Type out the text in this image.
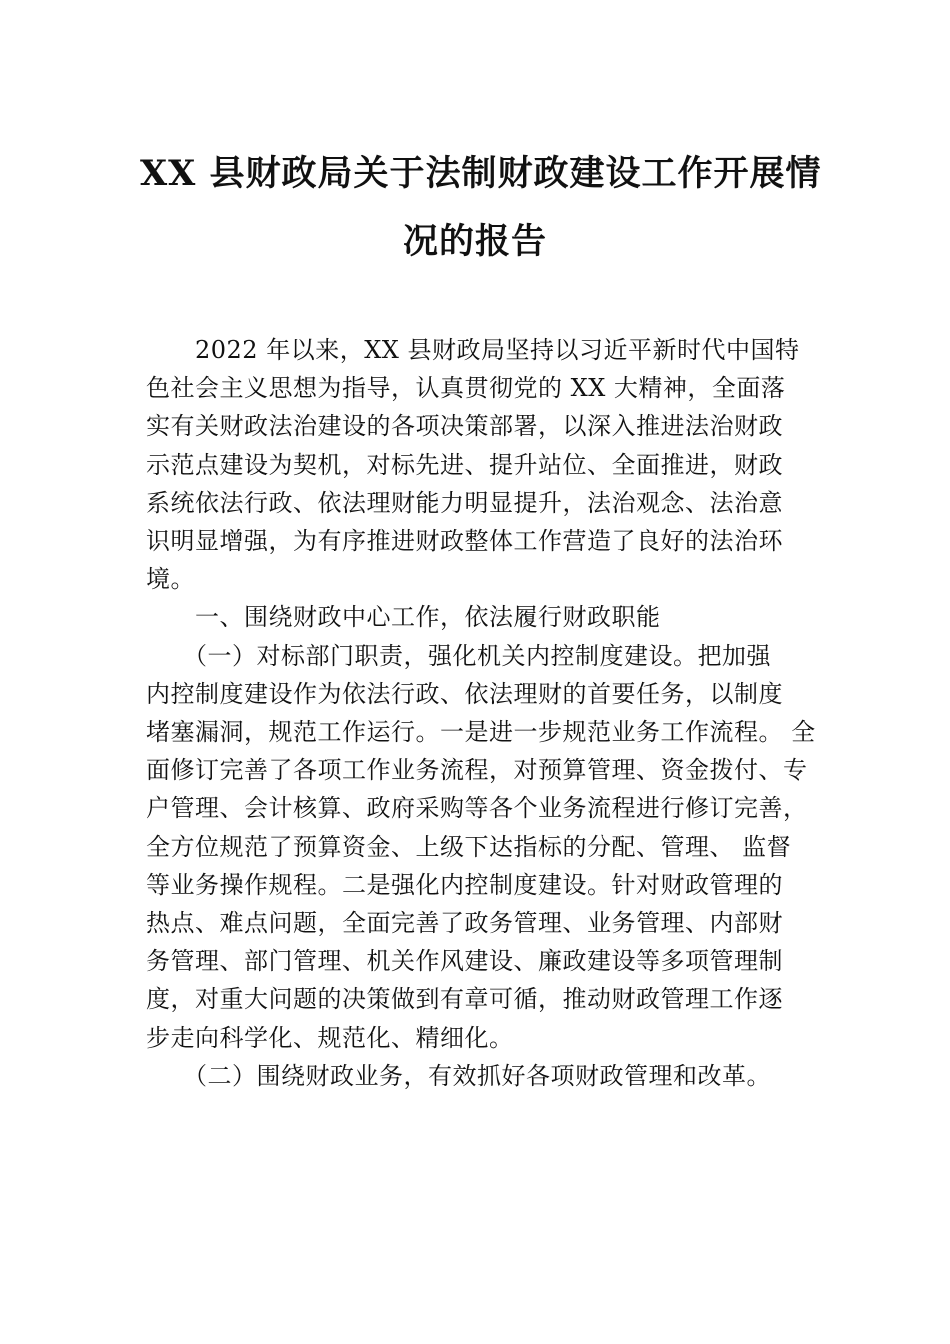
XX 县财政局关于法制财政建设工作开展情
况的报告

　　2022 年以来，XX 县财政局坚持以习近平新时代中国特
色社会主义思想为指导，认真贯彻党的 XX 大精神，全面落
实有关财政法治建设的各项决策部署，以深入推进法治财政
示范点建设为契机，对标先进、提升站位、全面推进，财政
系统依法行政、依法理财能力明显提升，法治观念、法治意
识明显增强，为有序推进财政整体工作营造了良好的法治环
境。

　　一、围绕财政中心工作，依法履行财政职能

　　（一）对标部门职责，强化机关内控制度建设。把加强
内控制度建设作为依法行政、依法理财的首要任务，以制度
堵塞漏洞，规范工作运行。一是进一步规范业务工作流程。 全
面修订完善了各项工作业务流程，对预算管理、资金拨付、专
户管理、会计核算、政府采购等各个业务流程进行修订完善，
全方位规范了预算资金、上级下达指标的分配、管理、 监督
等业务操作规程。二是强化内控制度建设。针对财政管理的
热点、难点问题，全面完善了政务管理、业务管理、内部财
务管理、部门管理、机关作风建设、廉政建设等多项管理制
度，对重大问题的决策做到有章可循，推动财政管理工作逐
步走向科学化、规范化、精细化。

　　（二）围绕财政业务，有效抓好各项财政管理和改革。
